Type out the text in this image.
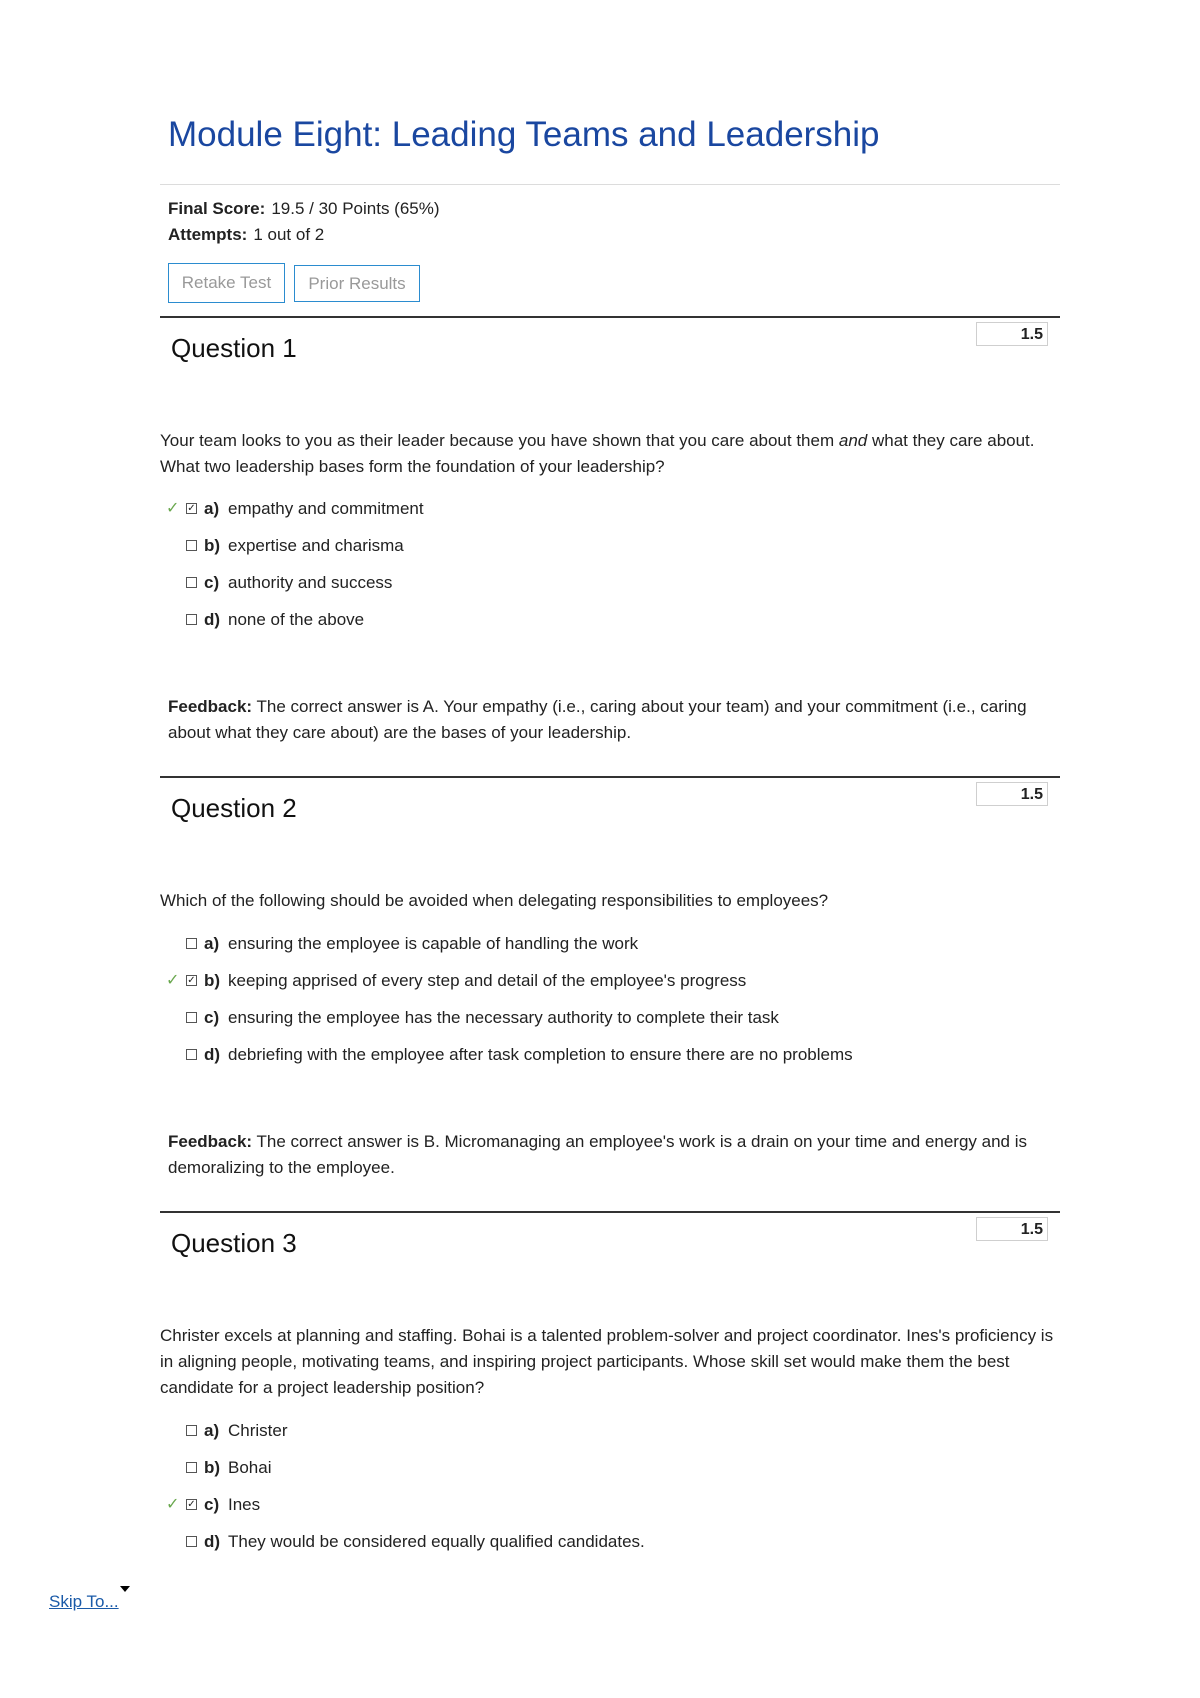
Module Eight: Leading Teams and Leadership
Final Score: 19.5 / 30 Points (65%)
Attempts: 1 out of 2
Retake Test	Prior Results
Question 1	1.5
Your team looks to you as their leader because you have shown that you care about them and what they care about. What two leadership bases form the foundation of your leadership?
✓ ✓ a) empathy and commitment
b) expertise and charisma
c) authority and success
d) none of the above
Feedback: The correct answer is A. Your empathy (i.e., caring about your team) and your commitment (i.e., caring about what they care about) are the bases of your leadership.
Question 2	1.5
Which of the following should be avoided when delegating responsibilities to employees?
a) ensuring the employee is capable of handling the work
✓ ✓ b) keeping apprised of every step and detail of the employee's progress
c) ensuring the employee has the necessary authority to complete their task
d) debriefing with the employee after task completion to ensure there are no problems
Feedback: The correct answer is B. Micromanaging an employee's work is a drain on your time and energy and is demoralizing to the employee.
Question 3	1.5
Christer excels at planning and staffing. Bohai is a talented problem-solver and project coordinator. Ines's proficiency is in aligning people, motivating teams, and inspiring project participants. Whose skill set would make them the best candidate for a project leadership position?
a) Christer
b) Bohai
✓ ✓ c) Ines
d) They would be considered equally qualified candidates.
Skip To...
